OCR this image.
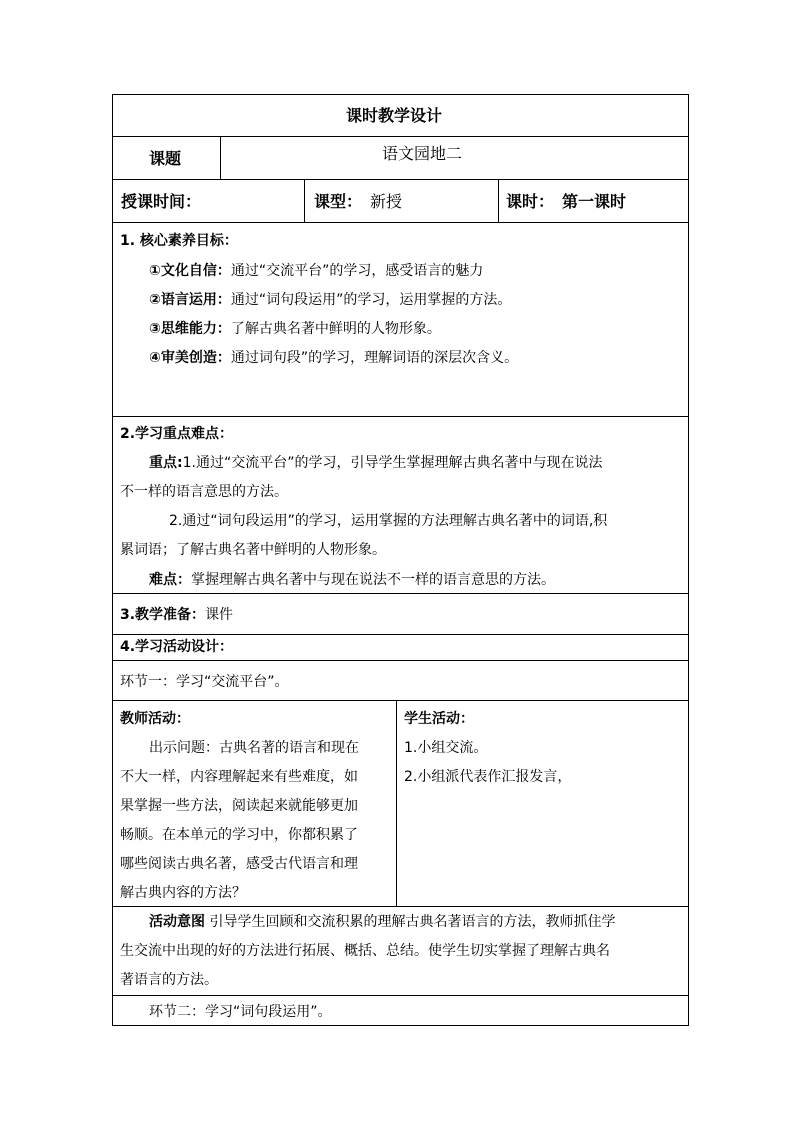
课时教学设计
课题	语文园地二
授课时间：	课型： 新授	课时： 第一课时
1. 核心素养目标：
①文化自信：通过“交流平台”的学习，感受语言的魅力
②语言运用：通过“词句段运用”的学习，运用掌握的方法。
③思维能力：了解古典名著中鲜明的人物形象。
④审美创造：通过词句段”的学习，理解词语的深层次含义。
2.学习重点难点：
重点:1.通过“交流平台”的学习，引导学生掌握理解古典名著中与现在说法
不一样的语言意思的方法。
2.通过“词句段运用”的学习，运用掌握的方法理解古典名著中的词语,积
累词语；了解古典名著中鲜明的人物形象。
难点：掌握理解古典名著中与现在说法不一样的语言意思的方法。
3.教学准备：课件
4.学习活动设计：
环节一：学习“交流平台”。
教师活动：
出示问题：古典名著的语言和现在
不大一样，内容理解起来有些难度，如
果掌握一些方法，阅读起来就能够更加
畅顺。在本单元的学习中，你都积累了
哪些阅读古典名著，感受古代语言和理
解古典内容的方法？
学生活动：
1.小组交流。
2.小组派代表作汇报发言，
活动意图 引导学生回顾和交流积累的理解古典名著语言的方法，教师抓住学
生交流中出现的好的方法进行拓展、概括、总结。使学生切实掌握了理解古典名
著语言的方法。
环节二：学习“词句段运用”。
